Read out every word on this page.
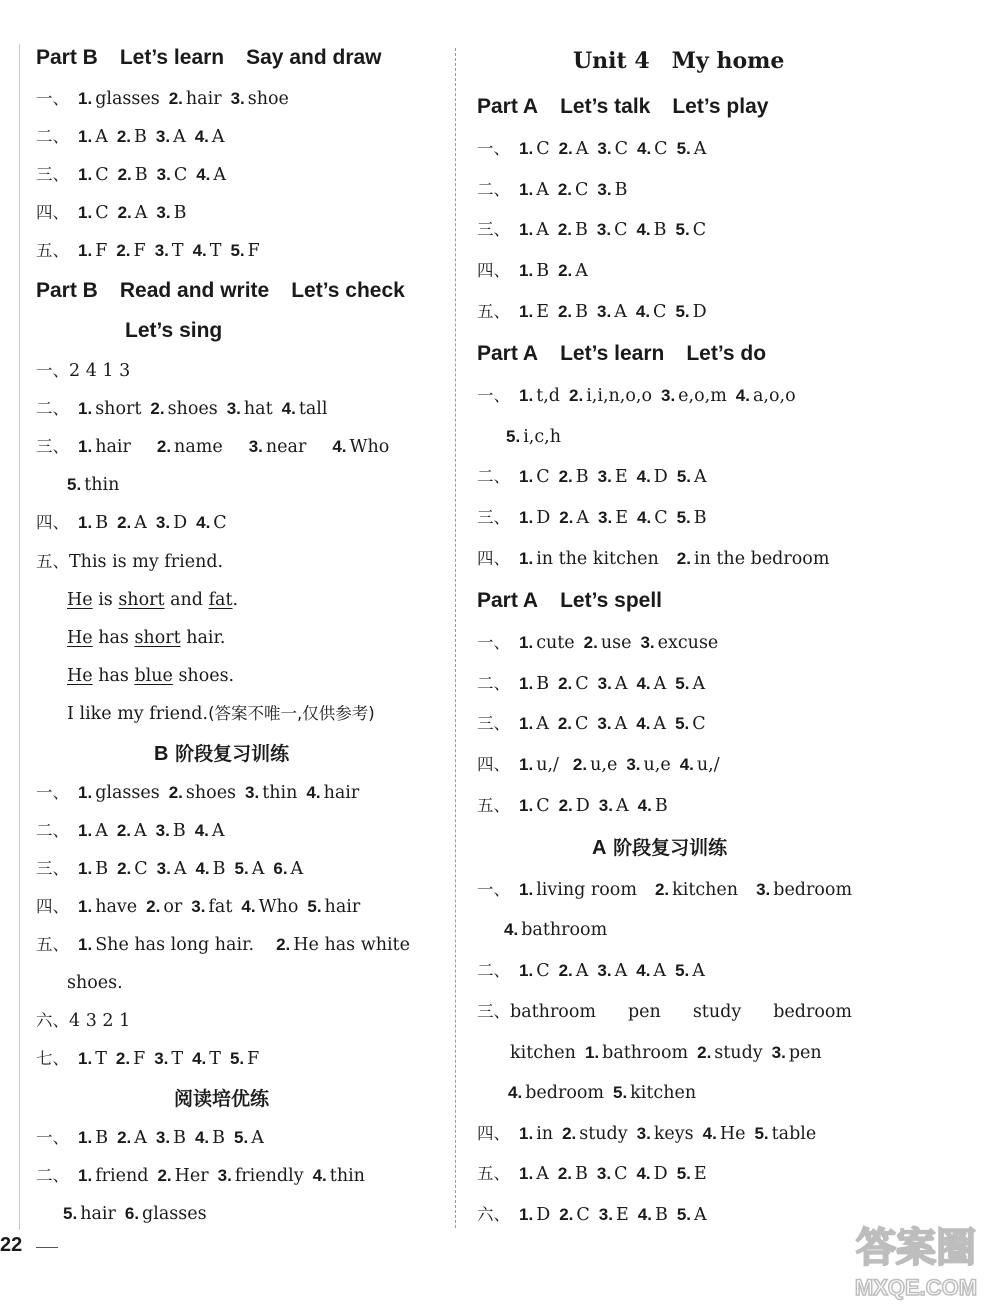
Part B Let’s learn Say and draw
一、 1. glasses 2. hair 3. shoe
二、 1. A 2. B 3. A 4. A
三、 1. C 2. B 3. C 4. A
四、 1. C 2. A 3. B
五、 1. F 2. F 3. T 4. T 5. F
Part B Read and write Let’s check
Let’s sing
一、2 4 1 3
二、 1. short 2. shoes 3. hat 4. tall
三、 1. hair 2. name 3. near 4. Who
5. thin
四、 1. B 2. A 3. D 4. C
五、This is my friend.
He is short and fat.
He has short hair.
He has blue shoes.
I like my friend.(答案不唯一,仅供参考)
B 阶段复习训练
一、 1. glasses 2. shoes 3. thin 4. hair
二、 1. A 2. A 3. B 4. A
三、 1. B 2. C 3. A 4. B 5. A 6. A
四、 1. have 2. or 3. fat 4. Who 5. hair
五、 1. She has long hair. 2. He has white
shoes.
六、4 3 2 1
七、 1. T 2. F 3. T 4. T 5. F
阅读培优练
一、 1. B 2. A 3. B 4. B 5. A
二、 1. friend 2. Her 3. friendly 4. thin
5. hair 6. glasses
Unit 4 My home
Part A Let’s talk Let’s play
一、 1. C 2. A 3. C 4. C 5. A
二、 1. A 2. C 3. B
三、 1. A 2. B 3. C 4. B 5. C
四、 1. B 2. A
五、 1. E 2. B 3. A 4. C 5. D
Part A Let’s learn Let’s do
一、 1. t,d 2. i,i,n,o,o 3. e,o,m 4. a,o,o
5. i,c,h
二、 1. C 2. B 3. E 4. D 5. A
三、 1. D 2. A 3. E 4. C 5. B
四、 1. in the kitchen 2. in the bedroom
Part A Let’s spell
一、 1. cute 2. use 3. excuse
二、 1. B 2. C 3. A 4. A 5. A
三、 1. A 2. C 3. A 4. A 5. C
四、 1. u,/ 2. u,e 3. u,e 4. u,/
五、 1. C 2. D 3. A 4. B
A 阶段复习训练
一、 1. living room 2. kitchen 3. bedroom
4. bathroom
二、 1. C 2. A 3. A 4. A 5. A
三、bathroom pen study bedroom
kitchen 1. bathroom 2. study 3. pen
4. bedroom 5. kitchen
四、 1. in 2. study 3. keys 4. He 5. table
五、 1. A 2. B 3. C 4. D 5. E
六、 1. D 2. C 3. E 4. B 5. A
22	答案圈
MXQE.COM
